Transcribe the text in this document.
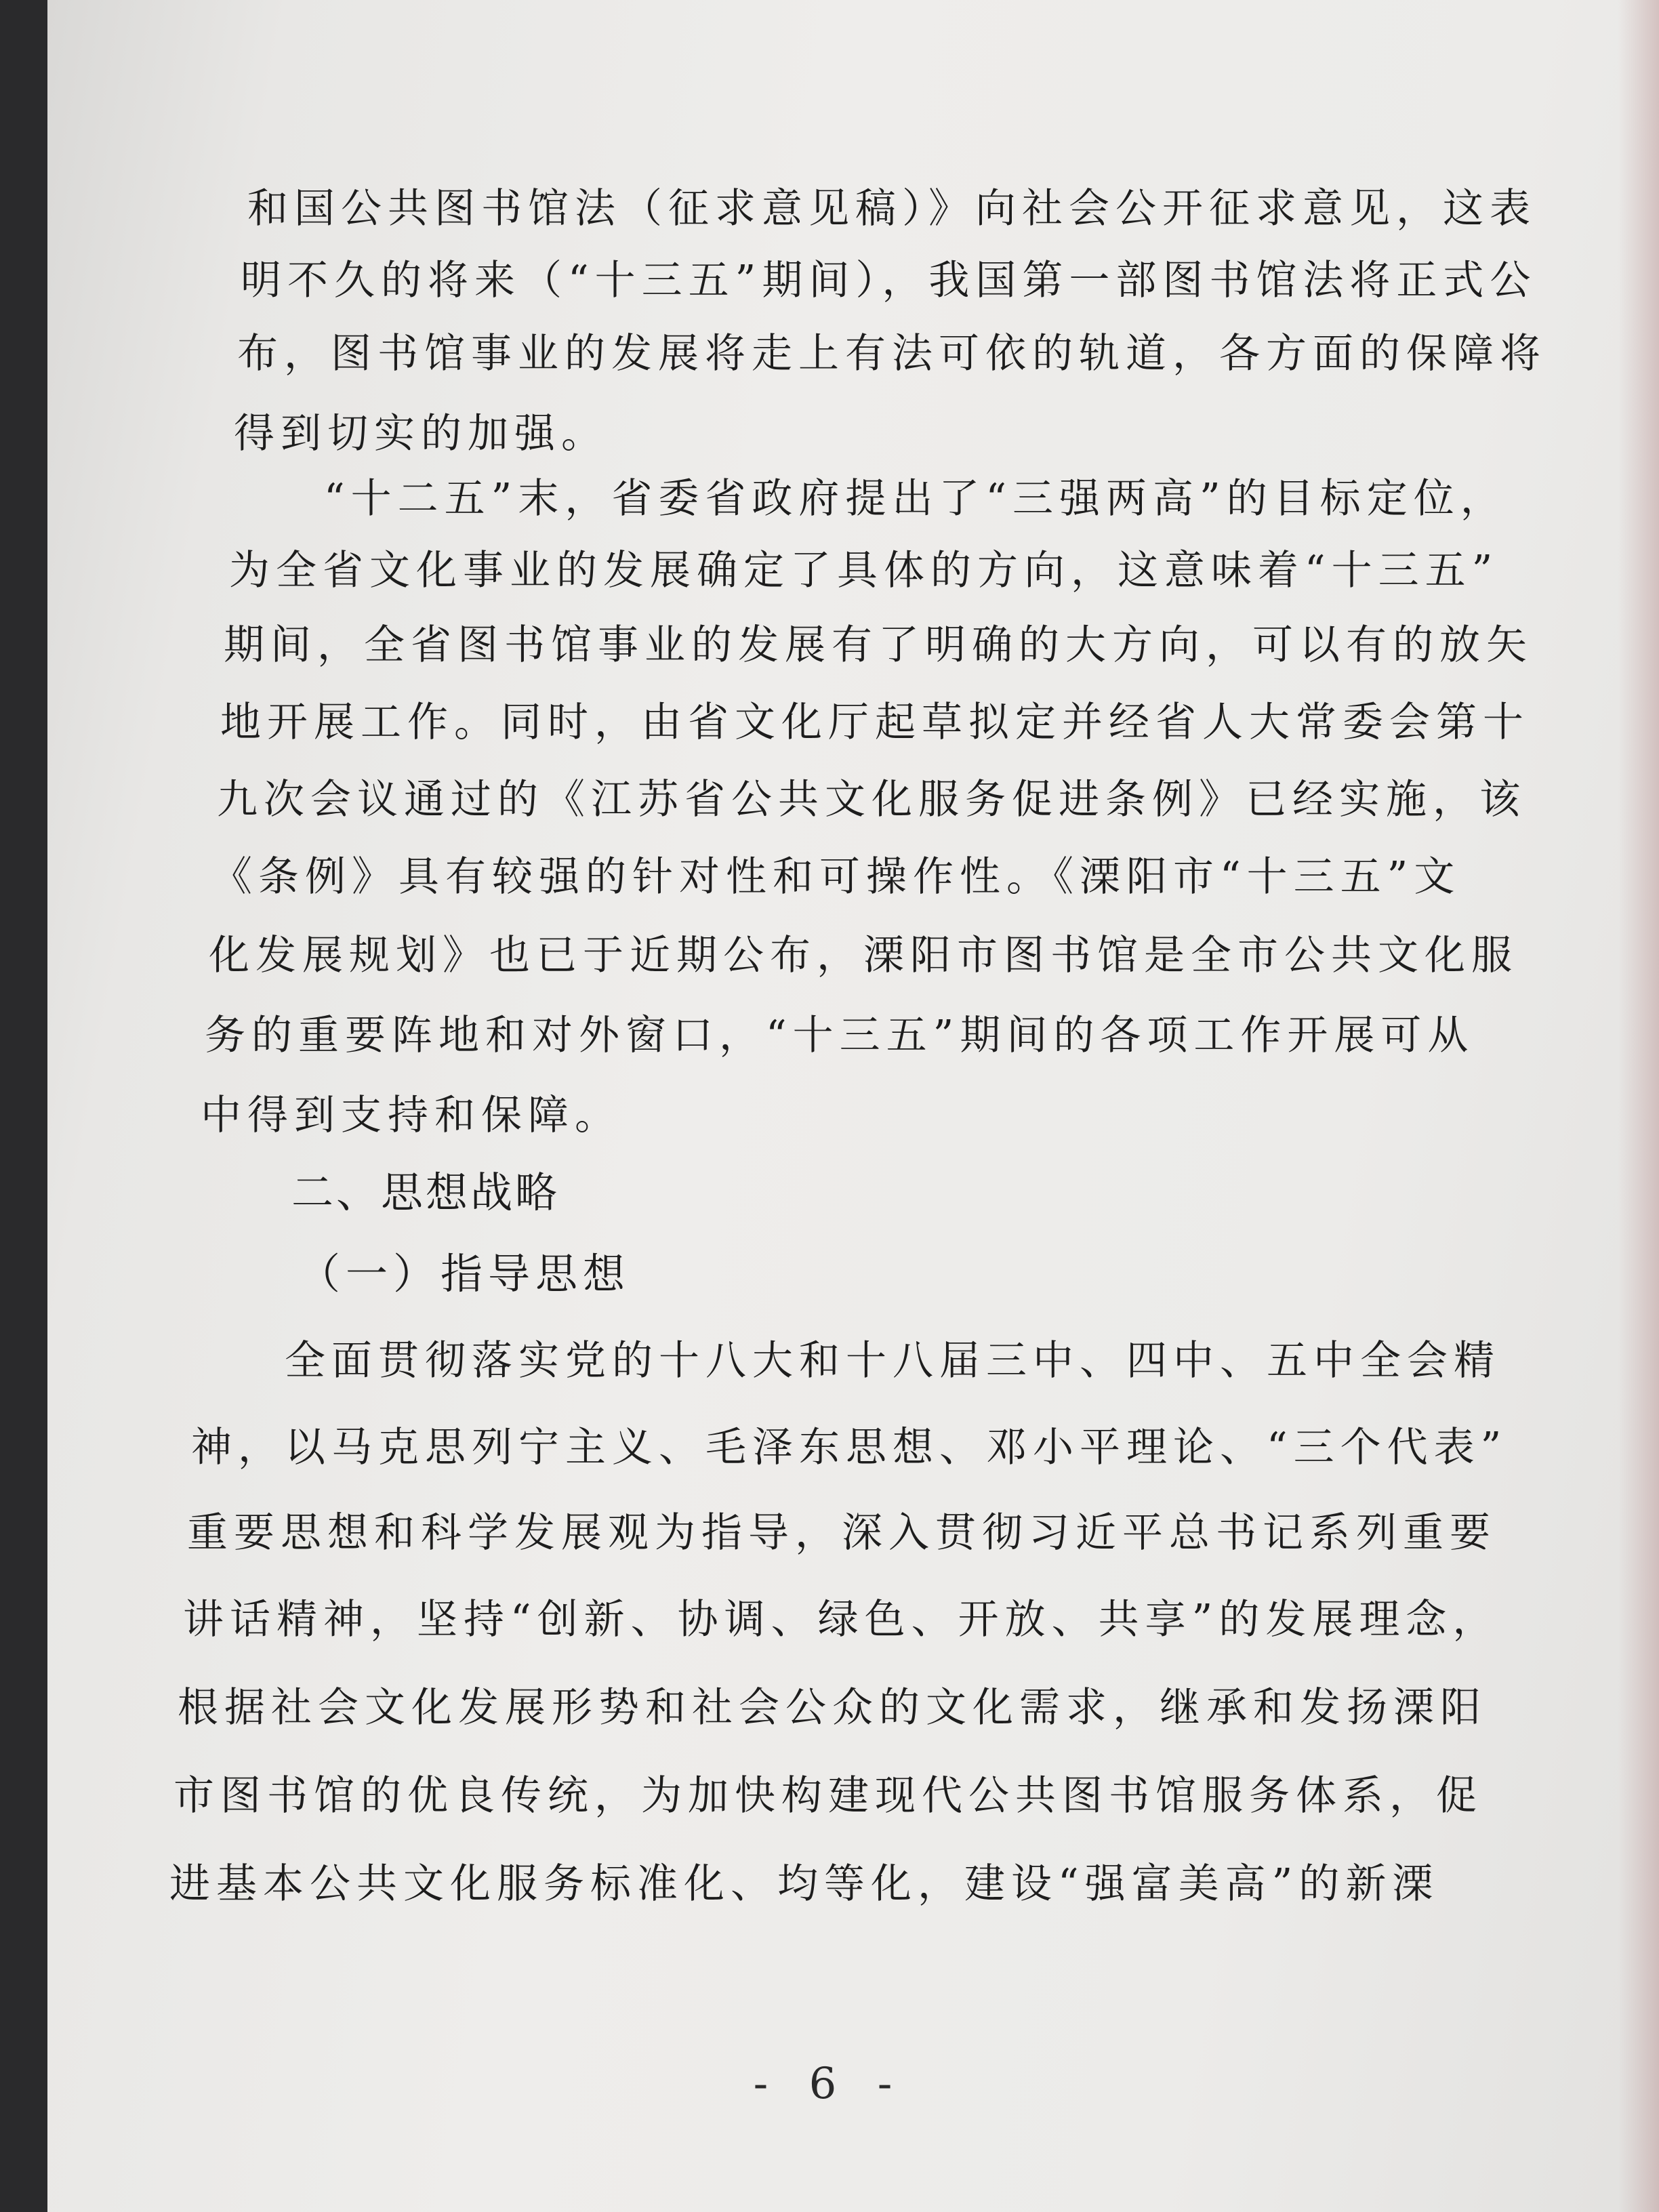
和国公共图书馆法（征求意见稿）》向社会公开征求意见，这表
明不久的将来（“十三五”期间），我国第一部图书馆法将正式公
布，图书馆事业的发展将走上有法可依的轨道，各方面的保障将
得到切实的加强。
“十二五”末，省委省政府提出了“三强两高”的目标定位，
为全省文化事业的发展确定了具体的方向，这意味着“十三五”
期间，全省图书馆事业的发展有了明确的大方向，可以有的放矢
地开展工作。同时，由省文化厅起草拟定并经省人大常委会第十
九次会议通过的《江苏省公共文化服务促进条例》已经实施，该
《条例》具有较强的针对性和可操作性。《溧阳市“十三五”文
化发展规划》也已于近期公布，溧阳市图书馆是全市公共文化服
务的重要阵地和对外窗口，“十三五”期间的各项工作开展可从
中得到支持和保障。
二、思想战略
（一）指导思想
全面贯彻落实党的十八大和十八届三中、四中、五中全会精
神，以马克思列宁主义、毛泽东思想、邓小平理论、“三个代表”
重要思想和科学发展观为指导，深入贯彻习近平总书记系列重要
讲话精神，坚持“创新、协调、绿色、开放、共享”的发展理念，
根据社会文化发展形势和社会公众的文化需求，继承和发扬溧阳
市图书馆的优良传统，为加快构建现代公共图书馆服务体系，促
进基本公共文化服务标准化、均等化，建设“强富美高”的新溧
- 6 -
